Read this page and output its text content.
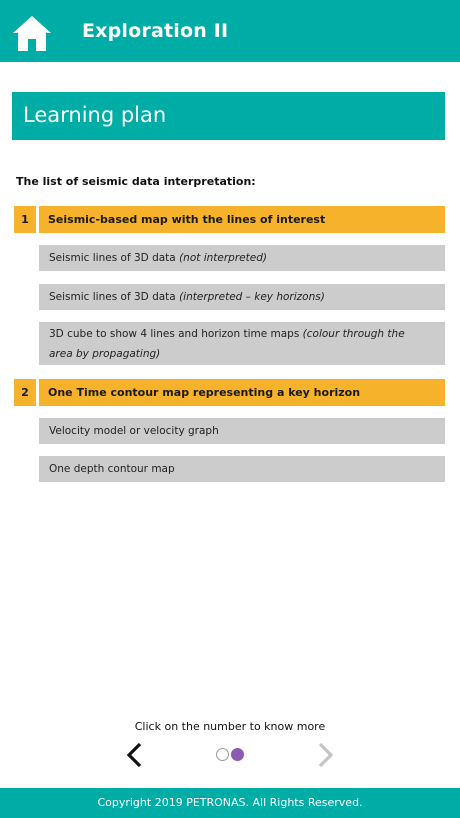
Exploration II
Learning plan
The list of seismic data interpretation:
1	Seismic-based map with the lines of interest
Seismic lines of 3D data (not interpreted)
Seismic lines of 3D data (interpreted – key horizons)
3D cube to show 4 lines and horizon time maps (colour through the area by propagating)
2	One Time contour map representing a key horizon
Velocity model or velocity graph
One depth contour map
Click on the number to know more
Copyright 2019 PETRONAS. All Rights Reserved.
